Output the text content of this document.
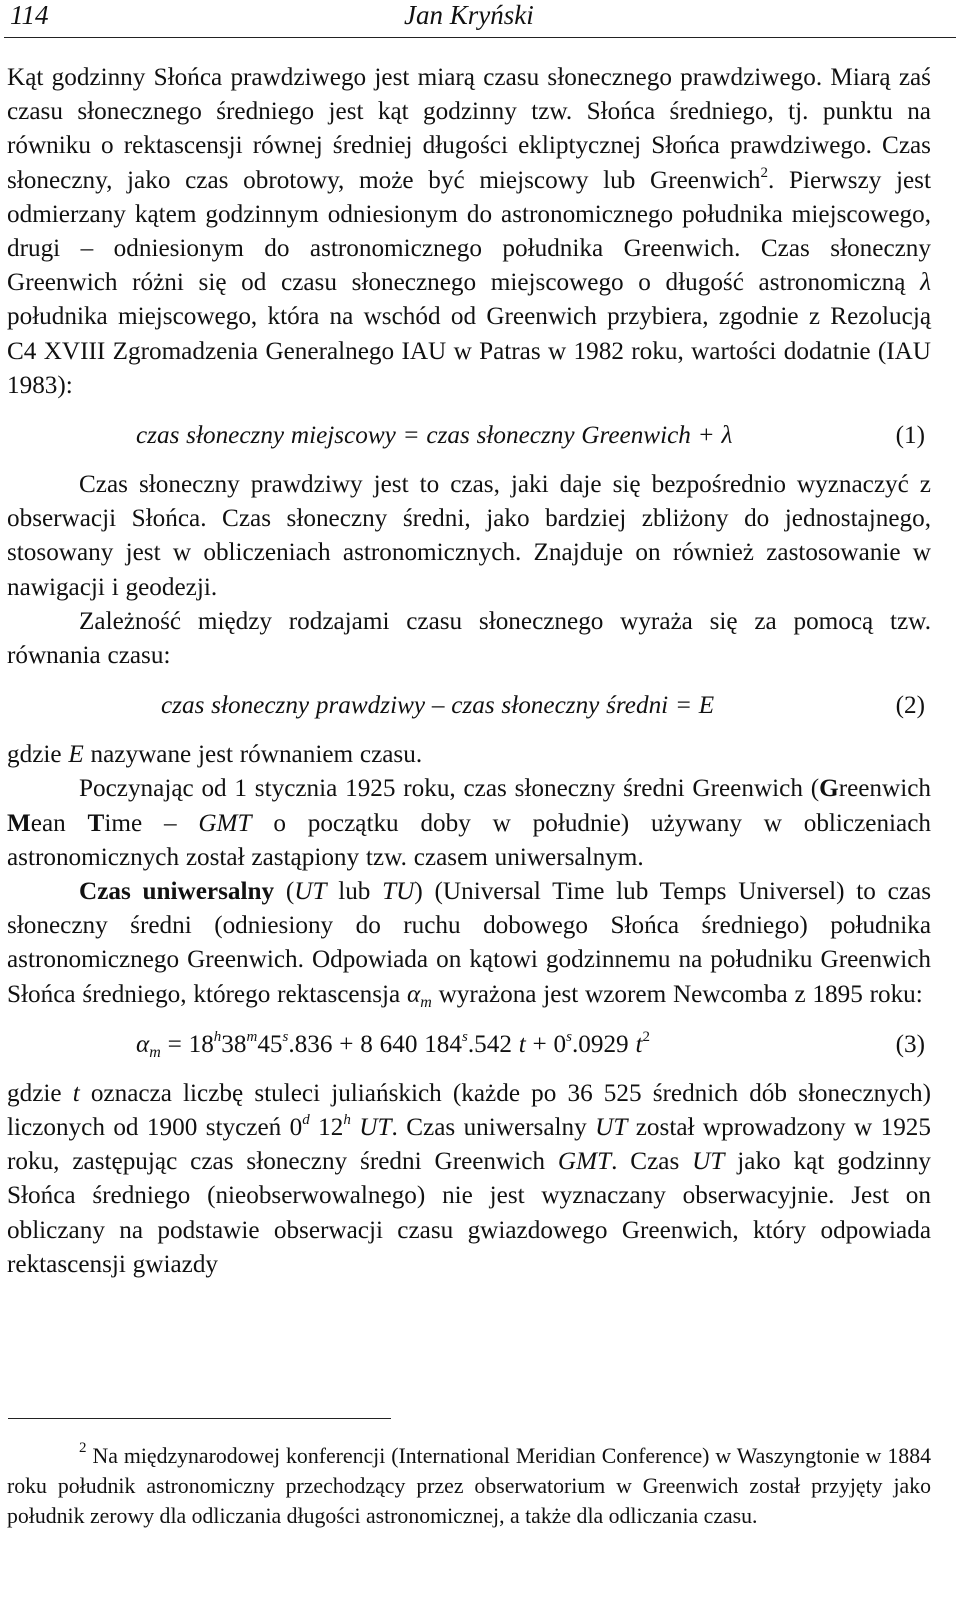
114	Jan Kryński

Kąt godzinny Słońca prawdziwego jest miarą czasu słonecznego prawdziwego. Miarą zaś czasu słonecznego średniego jest kąt godzinny tzw. Słońca średniego, tj. punktu na równiku o rektascensji równej średniej długości ekliptycznej Słońca prawdziwego. Czas słoneczny, jako czas obrotowy, może być miejscowy lub Greenwich$^2$. Pierwszy jest odmierzany kątem godzinnym odniesionym do astronomicznego południka miejscowego, drugi – odniesionym do astronomicznego południka Greenwich. Czas słoneczny Greenwich różni się od czasu słonecznego miejscowego o długość astronomiczną λ południka miejscowego, która na wschód od Greenwich przybiera, zgodnie z Rezolucją C4 XVIII Zgromadzenia Generalnego IAU w Patras w 1982 roku, wartości dodatnie (IAU 1983):

czas słoneczny miejscowy = czas słoneczny Greenwich + λ	(1)

Czas słoneczny prawdziwy jest to czas, jaki daje się bezpośrednio wyznaczyć z obserwacji Słońca. Czas słoneczny średni, jako bardziej zbliżony do jednostajnego, stosowany jest w obliczeniach astronomicznych. Znajduje on również zastosowanie w nawigacji i geodezji.

Zależność między rodzajami czasu słonecznego wyraża się za pomocą tzw. równania czasu:

czas słoneczny prawdziwy – czas słoneczny średni = E	(2)

gdzie E nazywane jest równaniem czasu.

Poczynając od 1 stycznia 1925 roku, czas słoneczny średni Greenwich (Greenwich Mean Time – GMT o początku doby w południe) używany w obliczeniach astronomicznych został zastąpiony tzw. czasem uniwersalnym.

Czas uniwersalny (UT lub TU) (Universal Time lub Temps Universel) to czas słoneczny średni (odniesiony do ruchu dobowego Słońca średniego) południka astronomicznego Greenwich. Odpowiada on kątowi godzinnemu na południku Greenwich Słońca średniego, którego rektascensja $\alpha_m$ wyrażona jest wzorem Newcomba z 1895 roku:

$\alpha_m = 18^h38^m45^s.836 + 8$ 640 184$^s$.542 $t + 0^s.0929$ $t^2$	(3)

gdzie t oznacza liczbę stuleci juliańskich (każde po 36 525 średnich dób słonecznych) liczonych od 1900 styczeń 0$^d$ 12$^h$ UT. Czas uniwersalny UT został wprowadzony w 1925 roku, zastępując czas słoneczny średni Greenwich GMT. Czas UT jako kąt godzinny Słońca średniego (nieobserwowalnego) nie jest wyznaczany obserwacyjnie. Jest on obliczany na podstawie obserwacji czasu gwiazdowego Greenwich, który odpowiada rektascensji gwiazdy

$^2$ Na międzynarodowej konferencji (International Meridian Conference) w Waszyngtonie w 1884 roku południk astronomiczny przechodzący przez obserwatorium w Greenwich został przyjęty jako południk zerowy dla odliczania długości astronomicznej, a także dla odliczania czasu.
